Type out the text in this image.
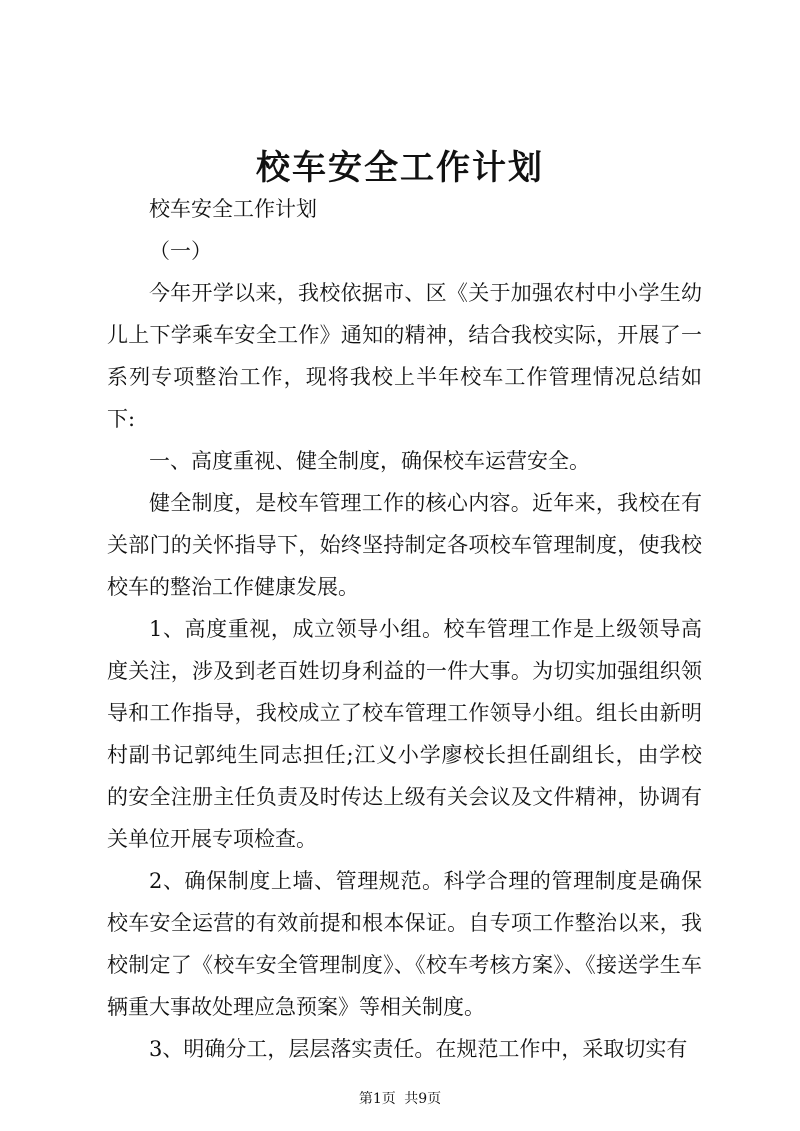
校车安全工作计划

校车安全工作计划

（一）

今年开学以来，我校依据市、区《关于加强农村中小学生幼儿上下学乘车安全工作》通知的精神，结合我校实际，开展了一系列专项整治工作，现将我校上半年校车工作管理情况总结如下:

一、高度重视、健全制度，确保校车运营安全。

健全制度，是校车管理工作的核心内容。近年来，我校在有关部门的关怀指导下，始终坚持制定各项校车管理制度，使我校校车的整治工作健康发展。

1、高度重视，成立领导小组。校车管理工作是上级领导高度关注，涉及到老百姓切身利益的一件大事。为切实加强组织领导和工作指导，我校成立了校车管理工作领导小组。组长由新明村副书记郭纯生同志担任;江义小学廖校长担任副组长，由学校的安全注册主任负责及时传达上级有关会议及文件精神，协调有关单位开展专项检查。

2、确保制度上墙、管理规范。科学合理的管理制度是确保校车安全运营的有效前提和根本保证。自专项工作整治以来，我校制定了《校车安全管理制度》、《校车考核方案》、《接送学生车辆重大事故处理应急预案》等相关制度。

3、明确分工，层层落实责任。在规范工作中，采取切实有

第1页 共9页
